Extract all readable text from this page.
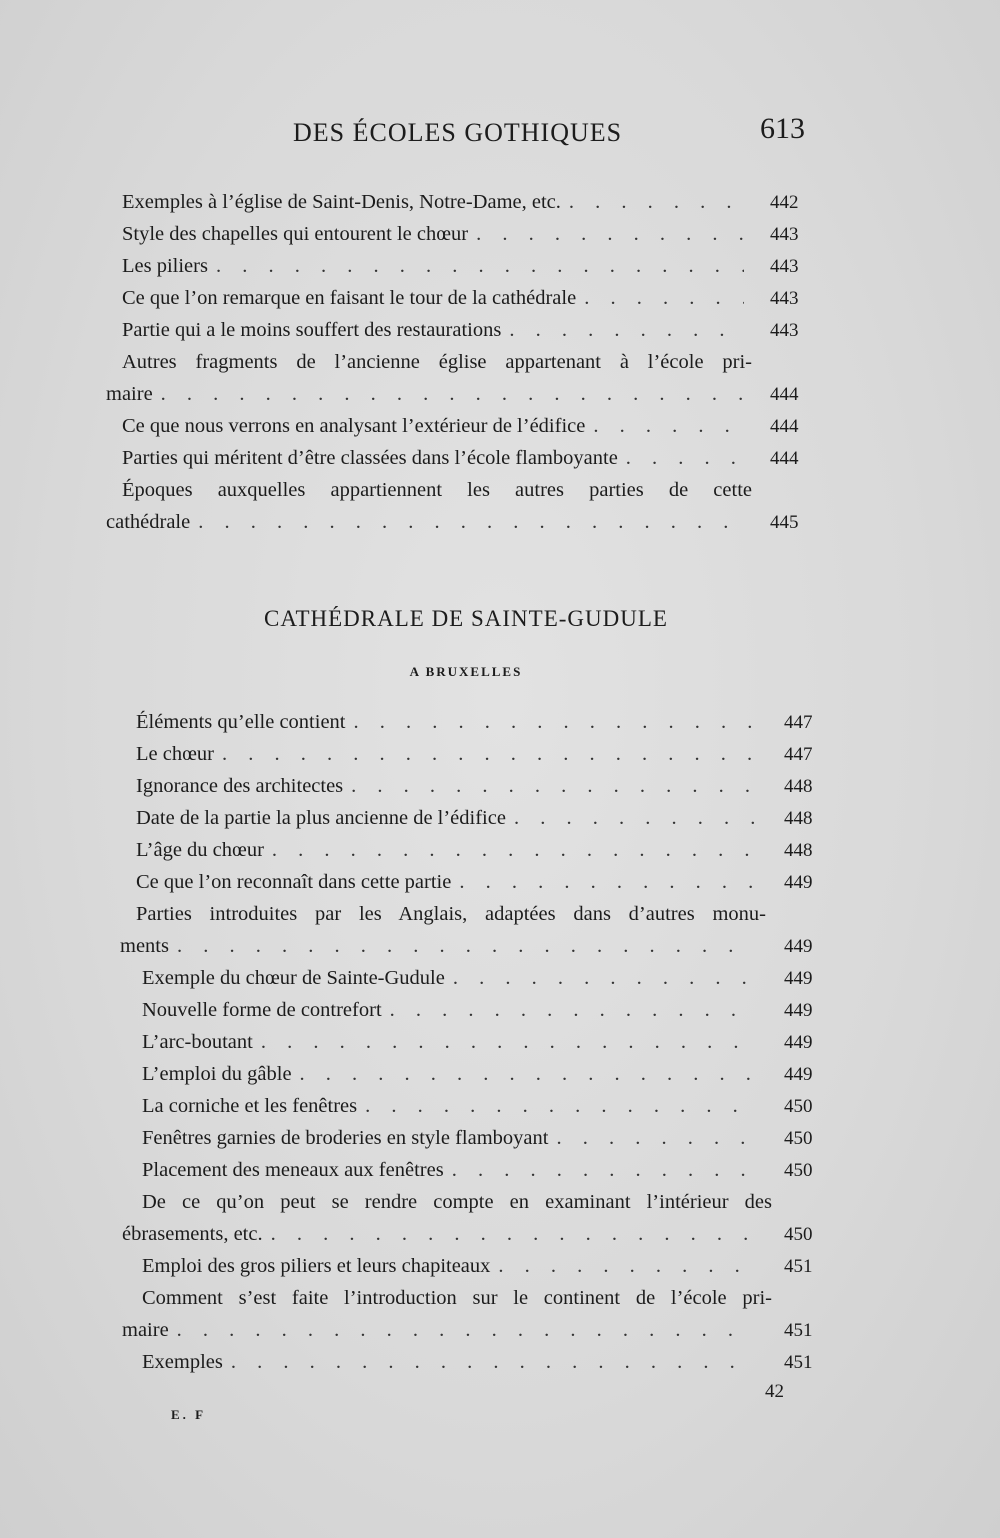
DES ÉCOLES GOTHIQUES	613
Exemples à l’église de Saint-Denis, Notre-Dame, etc. . . .	442
Style des chapelles qui entourent le chœur . . .	443
Les piliers . . .	443
Ce que l’on remarque en faisant le tour de la cathédrale . . .	443
Partie qui a le moins souffert des restaurations . . .	443
Autres fragments de l’ancienne église appartenant à l’école pri-
maire . . .	444
Ce que nous verrons en analysant l’extérieur de l’édifice . . .	444
Parties qui méritent d’être classées dans l’école flamboyante . . .	444
Époques auxquelles appartiennent les autres parties de cette
cathédrale . . .	445
CATHÉDRALE DE SAINTE-GUDULE
A BRUXELLES
Éléments qu’elle contient . . .	447
Le chœur . . .	447
Ignorance des architectes . . .	448
Date de la partie la plus ancienne de l’édifice . . .	448
L’âge du chœur . . .	448
Ce que l’on reconnaît dans cette partie . . .	449
Parties introduites par les Anglais, adaptées dans d’autres monu-
ments . . .	449
Exemple du chœur de Sainte-Gudule . . .	449
Nouvelle forme de contrefort . . .	449
L’arc-boutant . . .	449
L’emploi du gâble . . .	449
La corniche et les fenêtres . . .	450
Fenêtres garnies de broderies en style flamboyant . . .	450
Placement des meneaux aux fenêtres . . .	450
De ce qu’on peut se rendre compte en examinant l’intérieur des
ébrasements, etc. . . .	450
Emploi des gros piliers et leurs chapiteaux . . .	451
Comment s’est faite l’introduction sur le continent de l’école pri-
maire . . .	451
Exemples . . .	451
E. F
42
